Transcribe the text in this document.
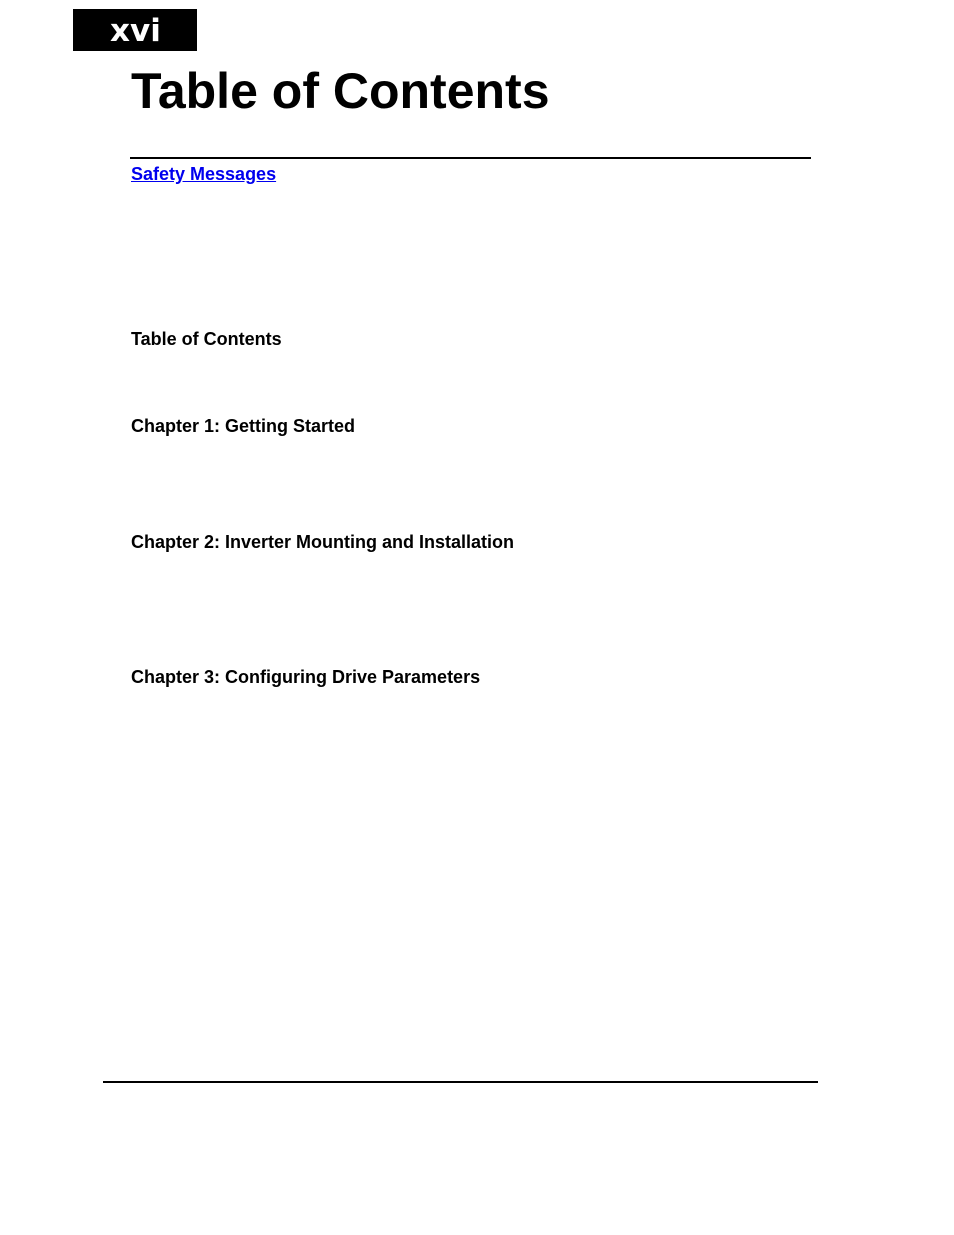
xvi
Table of Contents
Safety Messages
Table of Contents
Chapter 1: Getting Started
Chapter 2: Inverter Mounting and Installation
Chapter 3: Configuring Drive Parameters
